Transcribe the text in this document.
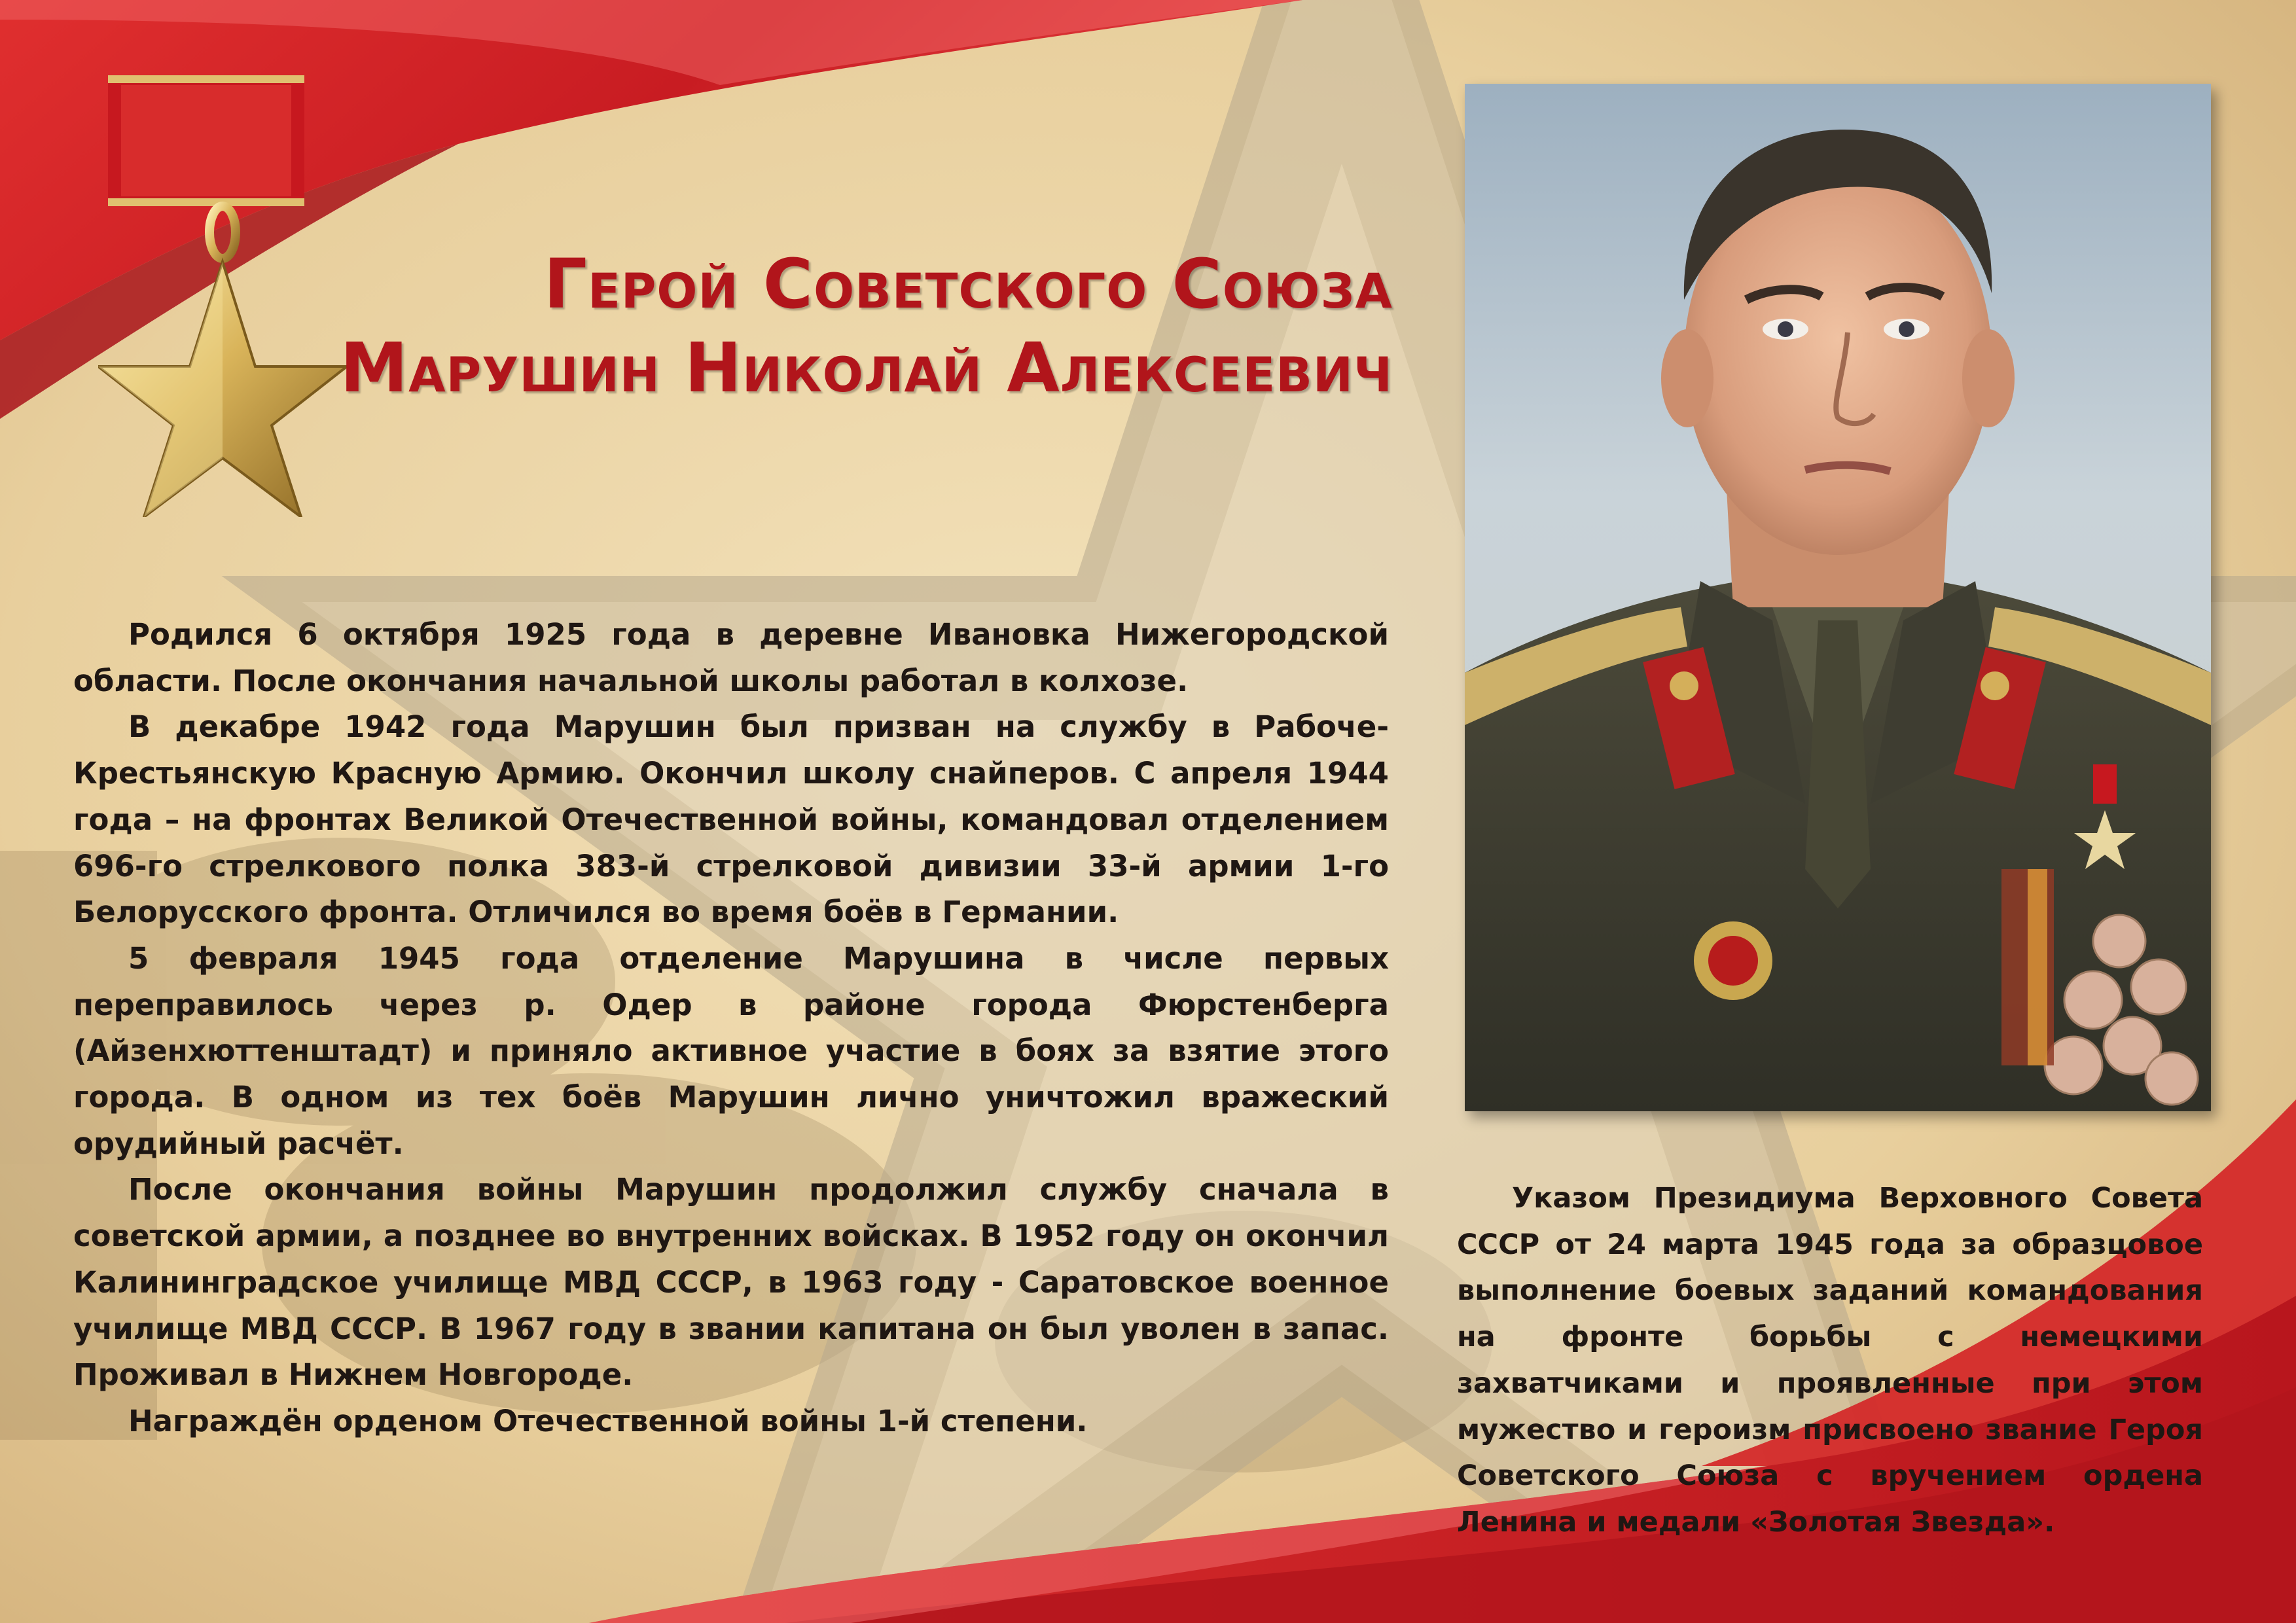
Герой Советского Союза
Марушин Николай Алексеевич

Родился 6 октября 1925 года в деревне Ивановка Нижегородской области. После окончания начальной школы работал в колхозе.

В декабре 1942 года Марушин был призван на службу в Рабоче-Крестьянскую Красную Армию. Окончил школу снайперов. С апреля 1944 года – на фронтах Великой Отечественной войны, командовал отделением 696-го стрелкового полка 383-й стрелковой дивизии 33-й армии 1-го Белорусского фронта. Отличился во время боёв в Германии.

5 февраля 1945 года отделение Марушина в числе первых переправилось через р. Одер в районе города Фюрстенберга (Айзенхюттенштадт) и приняло активное участие в боях за взятие этого города. В одном из тех боёв Марушин лично уничтожил вражеский орудийный расчёт.

После окончания войны Марушин продолжил службу сначала в советской армии, а позднее во внутренних войсках. В 1952 году он окончил Калининградское училище МВД СССР, в 1963 году - Саратовское военное училище МВД СССР. В 1967 году в звании капитана он был уволен в запас. Проживал в Нижнем Новгороде.

Награждён орденом Отечественной войны 1-й степени.

Указом Президиума Верховного Совета СССР от 24 марта 1945 года за образцовое выполнение боевых заданий командования на фронте борьбы с немецкими захватчиками и проявленные при этом мужество и героизм присвоено звание Героя Советского Союза с вручением ордена Ленина и медали «Золотая Звезда».
